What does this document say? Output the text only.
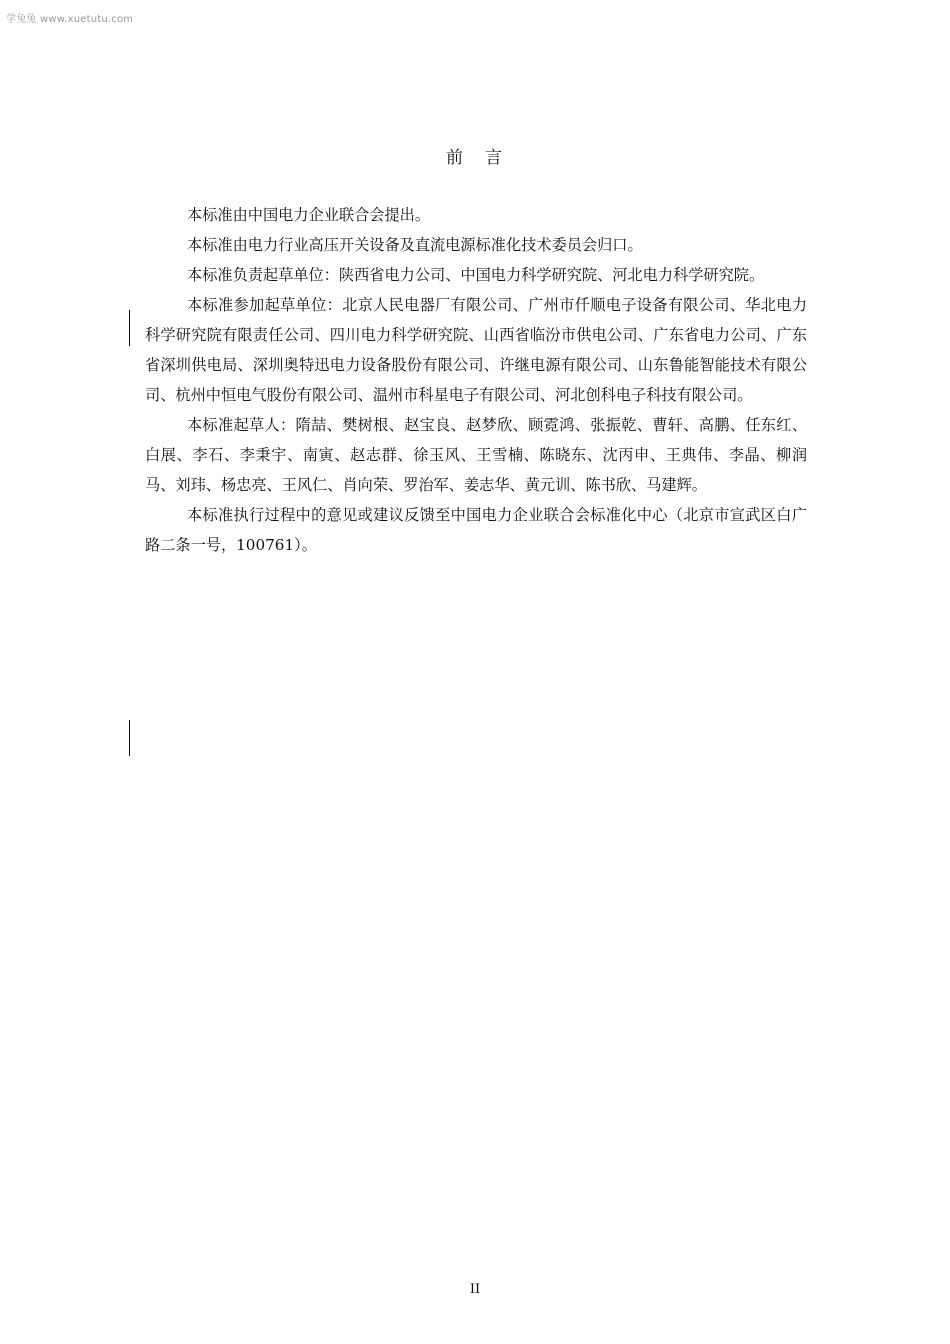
学兔兔 www.xuetutu.com
前 言

本标准由中国电力企业联合会提出。

本标准由电力行业高压开关设备及直流电源标准化技术委员会归口。

本标准负责起草单位：陕西省电力公司、中国电力科学研究院、河北电力科学研究院。

本标准参加起草单位：北京人民电器厂有限公司、广州市仟顺电子设备有限公司、华北电力科学研究院有限责任公司、四川电力科学研究院、山西省临汾市供电公司、广东省电力公司、广东省深圳供电局、深圳奥特迅电力设备股份有限公司、许继电源有限公司、山东鲁能智能技术有限公司、杭州中恒电气股份有限公司、温州市科星电子有限公司、河北创科电子科技有限公司。

本标准起草人：隋喆、樊树根、赵宝良、赵梦欣、顾霓鸿、张振乾、曹轩、高鹏、任东红、白展、李石、李秉宇、南寅、赵志群、徐玉风、王雪楠、陈晓东、沈丙申、王典伟、李晶、柳润马、刘玮、杨忠亮、王风仁、肖向荣、罗治军、姜志华、黄元训、陈书欣、马建辉。

本标准执行过程中的意见或建议反馈至中国电力企业联合会标准化中心（北京市宣武区白广路二条一号，100761）。

II
